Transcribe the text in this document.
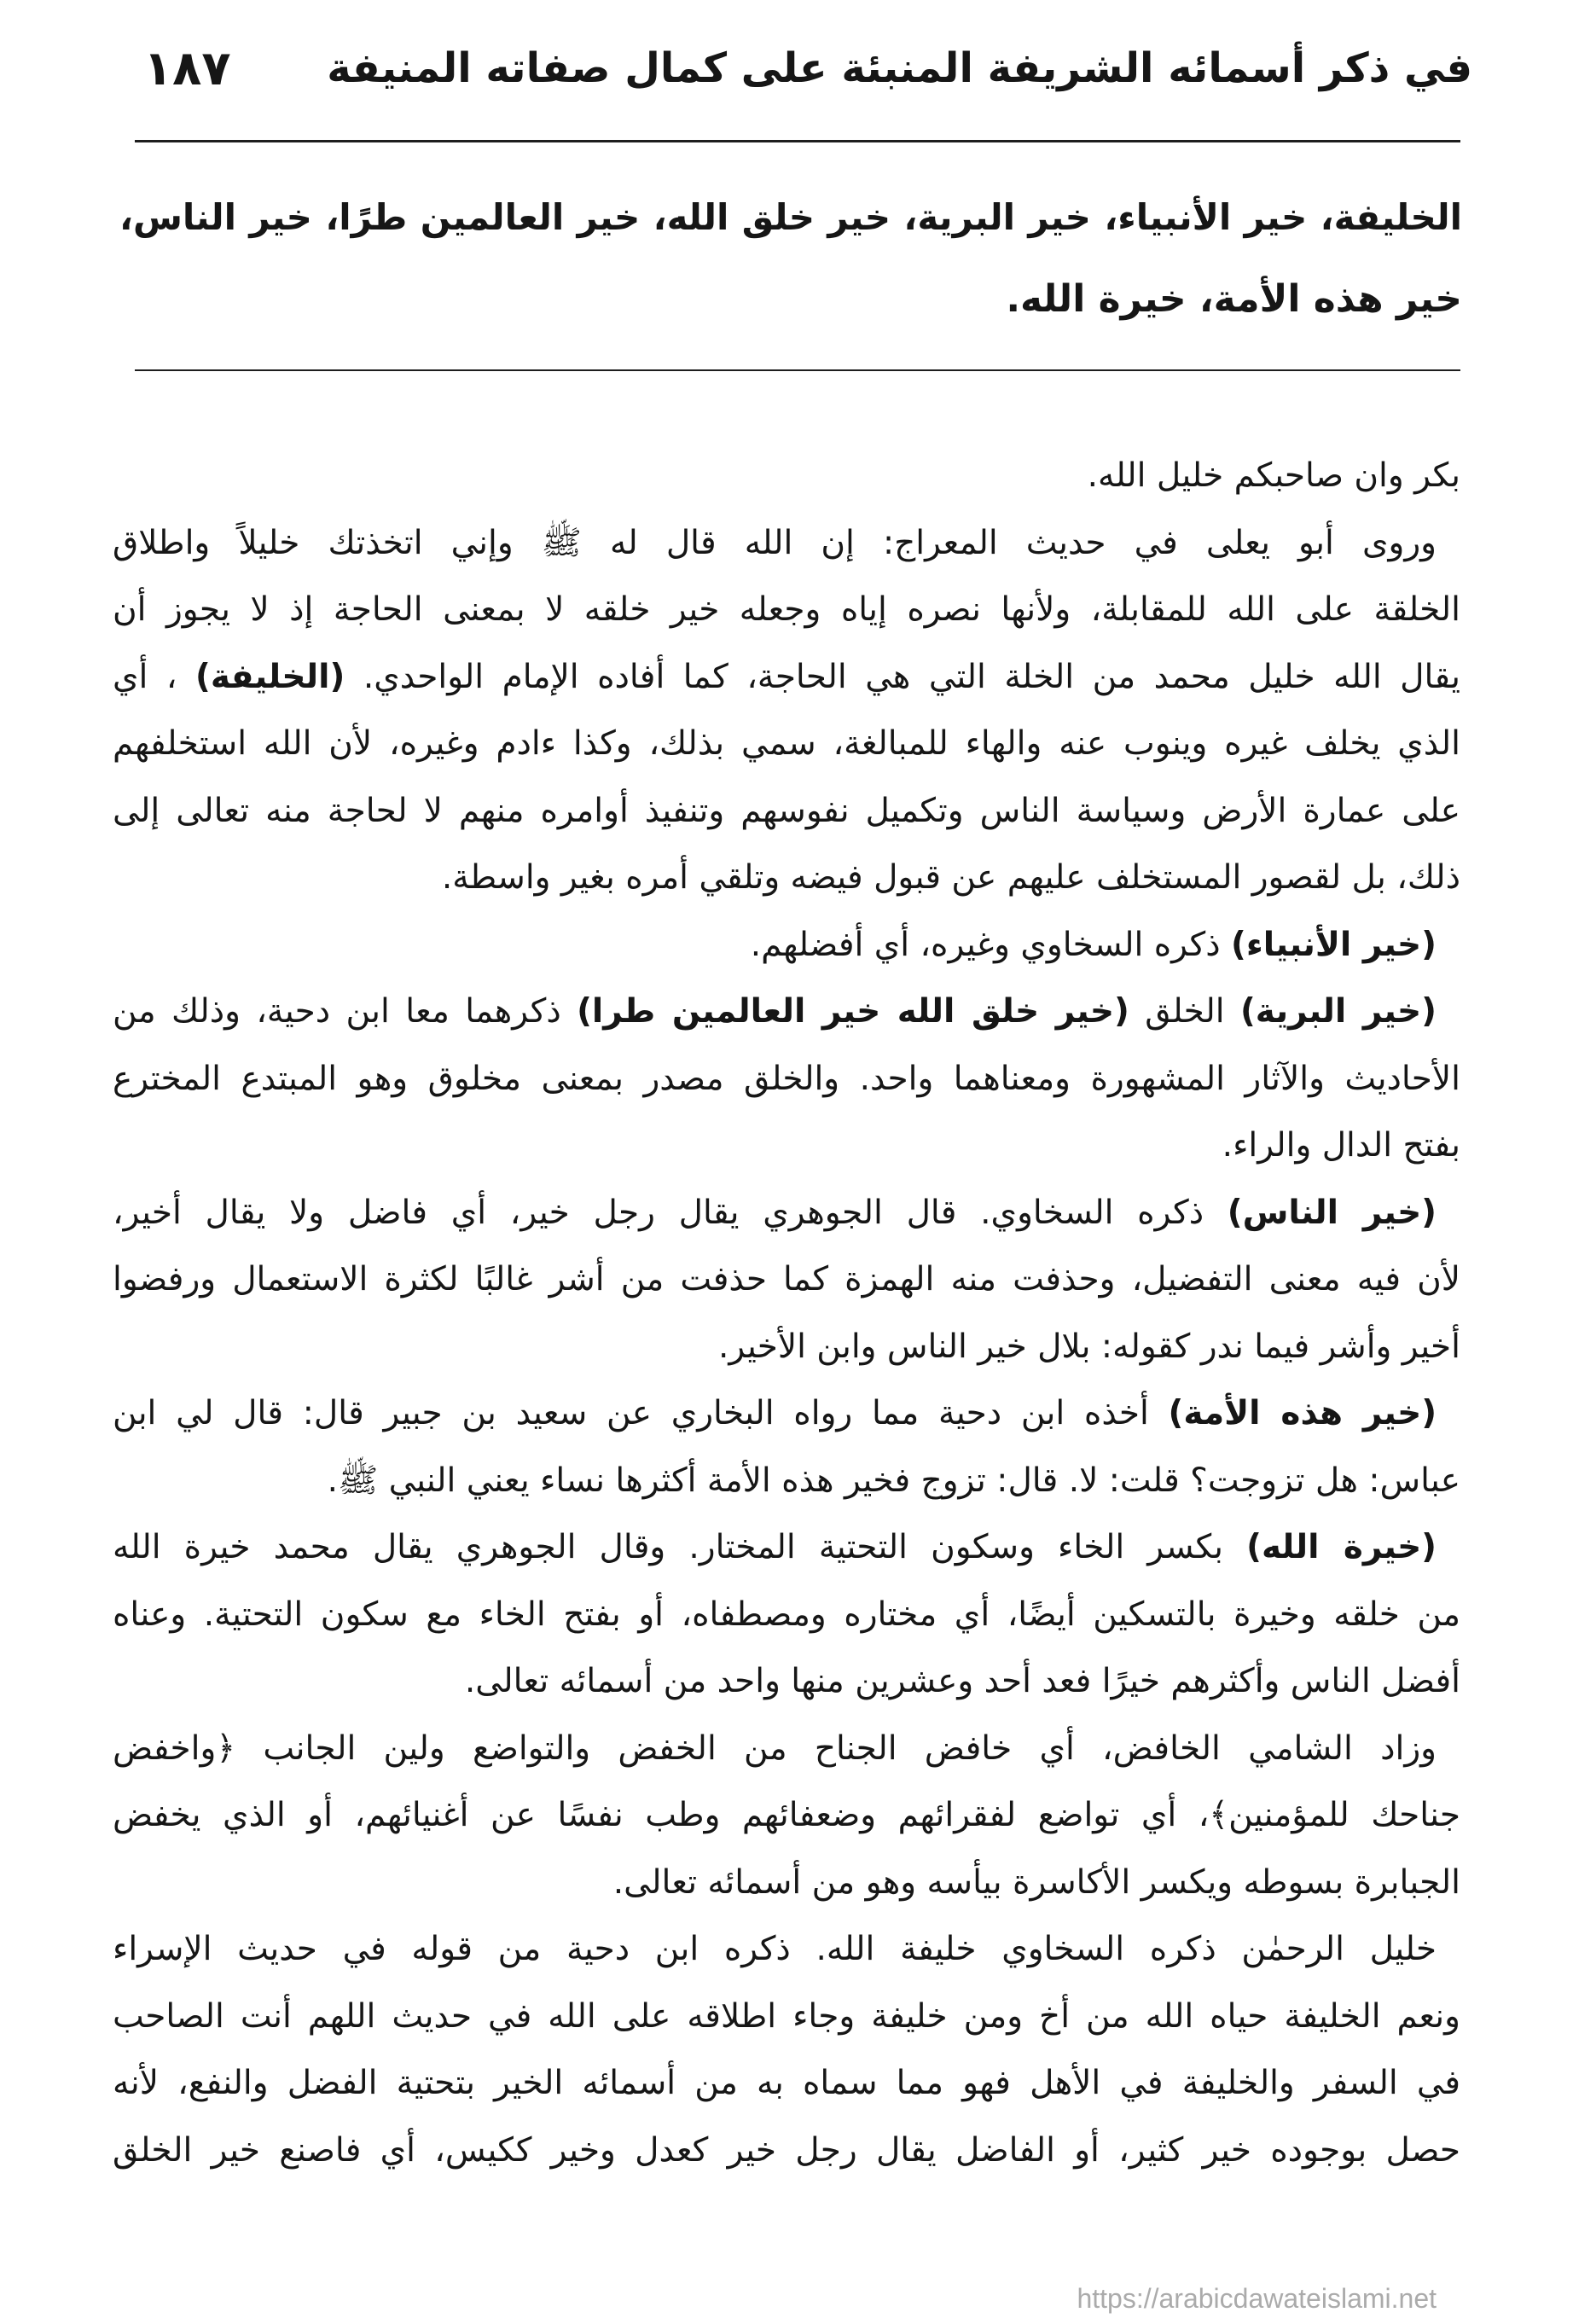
في ذكر أسمائه الشريفة المنبئة على كمال صفاته المنيفة
١٨٧
الخليفة، خير الأنبياء، خير البرية، خير خلق الله، خير العالمين طرًا، خير الناس،
خير هذه الأمة، خيرة الله.
بكر وان صاحبكم خليل الله.
وروى أبو يعلى في حديث المعراج: إن الله قال له ﷺ وإني اتخذتك خليلاً واطلاق
الخلقة على الله للمقابلة، ولأنها نصره إياه وجعله خير خلقه لا بمعنى الحاجة إذ لا يجوز أن
يقال الله خليل محمد من الخلة التي هي الحاجة، كما أفاده الإمام الواحدي. (الخليفة) ، أي
الذي يخلف غيره وينوب عنه والهاء للمبالغة، سمي بذلك، وكذا ءادم وغيره، لأن الله استخلفهم
على عمارة الأرض وسياسة الناس وتكميل نفوسهم وتنفيذ أوامره منهم لا لحاجة منه تعالى إلى
ذلك، بل لقصور المستخلف عليهم عن قبول فيضه وتلقي أمره بغير واسطة.
(خير الأنبياء) ذكره السخاوي وغيره، أي أفضلهم.
(خير البرية) الخلق (خير خلق الله خير العالمين طرا) ذكرهما معا ابن دحية، وذلك من
الأحاديث والآثار المشهورة ومعناهما واحد. والخلق مصدر بمعنى مخلوق وهو المبتدع المخترع
بفتح الدال والراء.
(خير الناس) ذكره السخاوي. قال الجوهري يقال رجل خير، أي فاضل ولا يقال أخير،
لأن فيه معنى التفضيل، وحذفت منه الهمزة كما حذفت من أشر غالبًا لكثرة الاستعمال ورفضوا
أخير وأشر فيما ندر كقوله: بلال خير الناس وابن الأخير.
(خير هذه الأمة) أخذه ابن دحية مما رواه البخاري عن سعيد بن جبير قال: قال لي ابن
عباس: هل تزوجت؟ قلت: لا. قال: تزوج فخير هذه الأمة أكثرها نساء يعني النبي ﷺ.
(خيرة الله) بكسر الخاء وسكون التحتية المختار. وقال الجوهري يقال محمد خيرة الله
من خلقه وخيرة بالتسكين أيضًا، أي مختاره ومصطفاه، أو بفتح الخاء مع سكون التحتية. وعناه
أفضل الناس وأكثرهم خيرًا فعد أحد وعشرين منها واحد من أسمائه تعالى.
وزاد الشامي الخافض، أي خافض الجناح من الخفض والتواضع ولين الجانب ﴿واخفض
جناحك للمؤمنين﴾، أي تواضع لفقرائهم وضعفائهم وطب نفسًا عن أغنيائهم، أو الذي يخفض
الجبابرة بسوطه ويكسر الأكاسرة بيأسه وهو من أسمائه تعالى.
خليل الرحمٰن ذكره السخاوي خليفة الله. ذكره ابن دحية من قوله في حديث الإسراء
ونعم الخليفة حياه الله من أخ ومن خليفة وجاء اطلاقه على الله في حديث اللهم أنت الصاحب
في السفر والخليفة في الأهل فهو مما سماه به من أسمائه الخير بتحتية الفضل والنفع، لأنه
حصل بوجوده خير كثير، أو الفاضل يقال رجل خير كعدل وخير ككيس، أي فاصنع خير الخلق
https://arabicdawateislami.net
